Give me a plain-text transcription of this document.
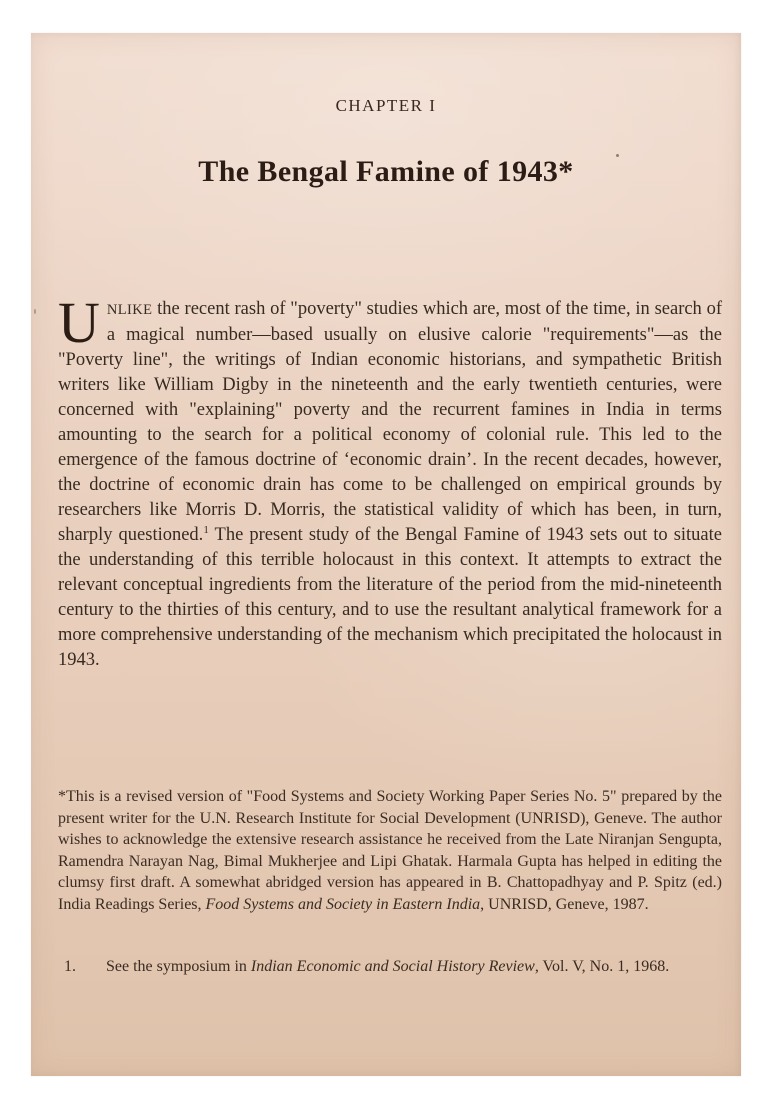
CHAPTER I
The Bengal Famine of 1943*

UNLIKE the recent rash of "poverty" studies which are, most of the time, in search of a magical number—based usually on elusive calorie "requirements"—as the "Poverty line", the writings of Indian economic historians, and sympathetic British writers like William Digby in the nineteenth and the early twentieth centuries, were concerned with "explaining" poverty and the recurrent famines in India in terms amounting to the search for a political economy of colonial rule. This led to the emergence of the famous doctrine of ‘economic drain’. In the recent decades, however, the doctrine of economic drain has come to be challenged on empirical grounds by researchers like Morris D. Morris, the statistical validity of which has been, in turn, sharply questioned.$^1$ The present study of the Bengal Famine of 1943 sets out to situate the understanding of this terrible holocaust in this context. It attempts to extract the relevant conceptual ingredients from the literature of the period from the mid-nineteenth century to the thirties of this century, and to use the resultant analytical framework for a more comprehensive understanding of the mechanism which precipitated the holocaust in 1943.

*This is a revised version of "Food Systems and Society Working Paper Series No. 5" prepared by the present writer for the U.N. Research Institute for Social Development (UNRISD), Geneve. The author wishes to acknowledge the extensive research assistance he received from the Late Niranjan Sengupta, Ramendra Narayan Nag, Bimal Mukherjee and Lipi Ghatak. Harmala Gupta has helped in editing the clumsy first draft. A somewhat abridged version has appeared in B. Chattopadhyay and P. Spitz (ed.) India Readings Series, Food Systems and Society in Eastern India, UNRISD, Geneve, 1987.
1.	See the symposium in Indian Economic and Social History Review, Vol. V, No. 1, 1968.
